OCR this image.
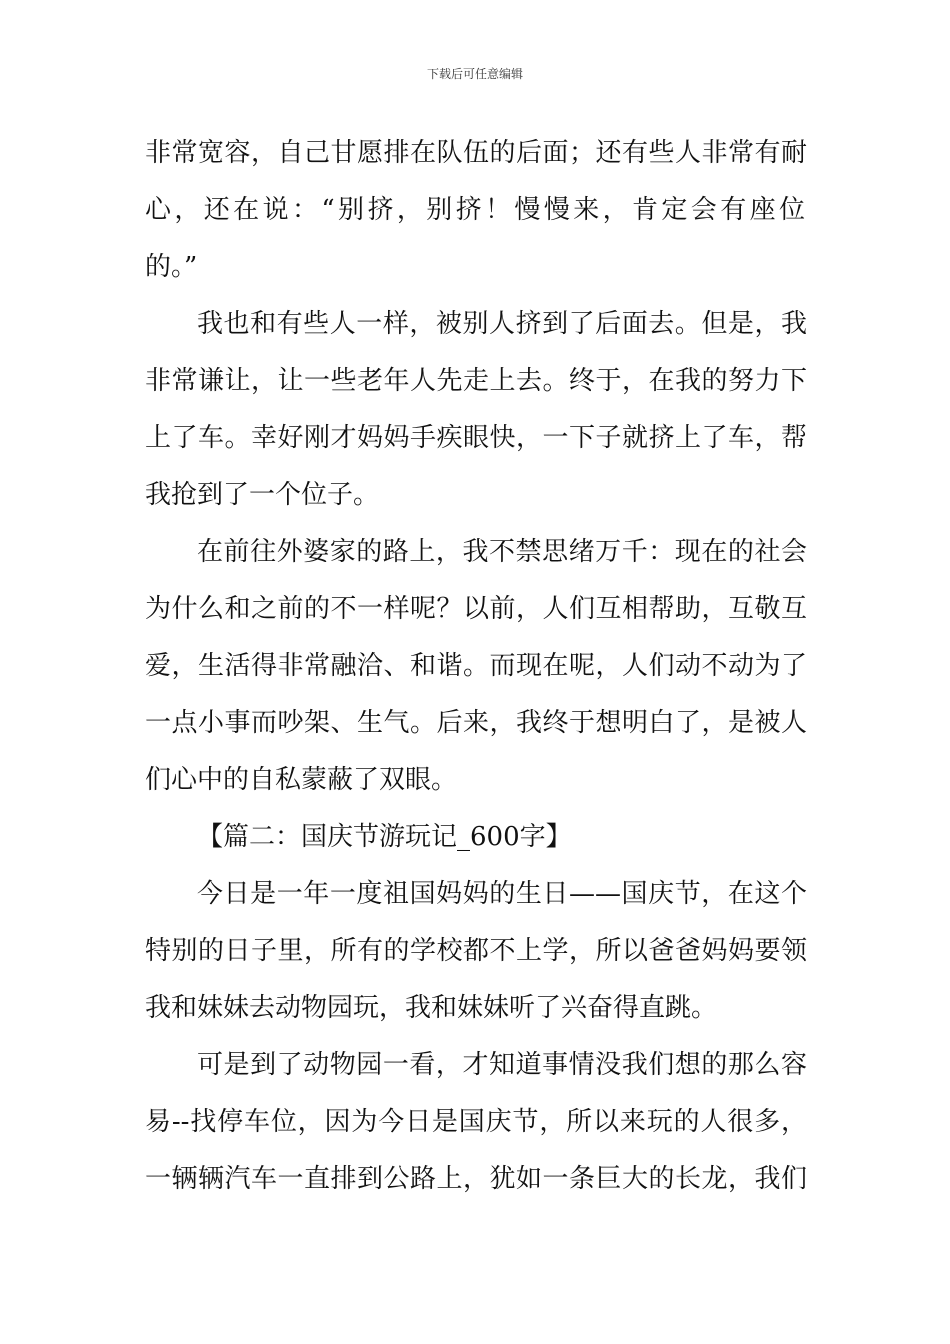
下载后可任意编辑
非常宽容，自己甘愿排在队伍的后面；还有些人非常有耐
心，还在说：“别挤，别挤！慢慢来，肯定会有座位
的。”
我也和有些人一样，被别人挤到了后面去。但是，我
非常谦让，让一些老年人先走上去。终于，在我的努力下
上了车。幸好刚才妈妈手疾眼快，一下子就挤上了车，帮
我抢到了一个位子。
在前往外婆家的路上，我不禁思绪万千：现在的社会
为什么和之前的不一样呢？以前，人们互相帮助，互敬互
爱，生活得非常融洽、和谐。而现在呢，人们动不动为了
一点小事而吵架、生气。后来，我终于想明白了，是被人
们心中的自私蒙蔽了双眼。
【篇二：国庆节游玩记_600字】
今日是一年一度祖国妈妈的生日——国庆节，在这个
特别的日子里，所有的学校都不上学，所以爸爸妈妈要领
我和妹妹去动物园玩，我和妹妹听了兴奋得直跳。
可是到了动物园一看，才知道事情没我们想的那么容
易--找停车位，因为今日是国庆节，所以来玩的人很多，
一辆辆汽车一直排到公路上，犹如一条巨大的长龙，我们
